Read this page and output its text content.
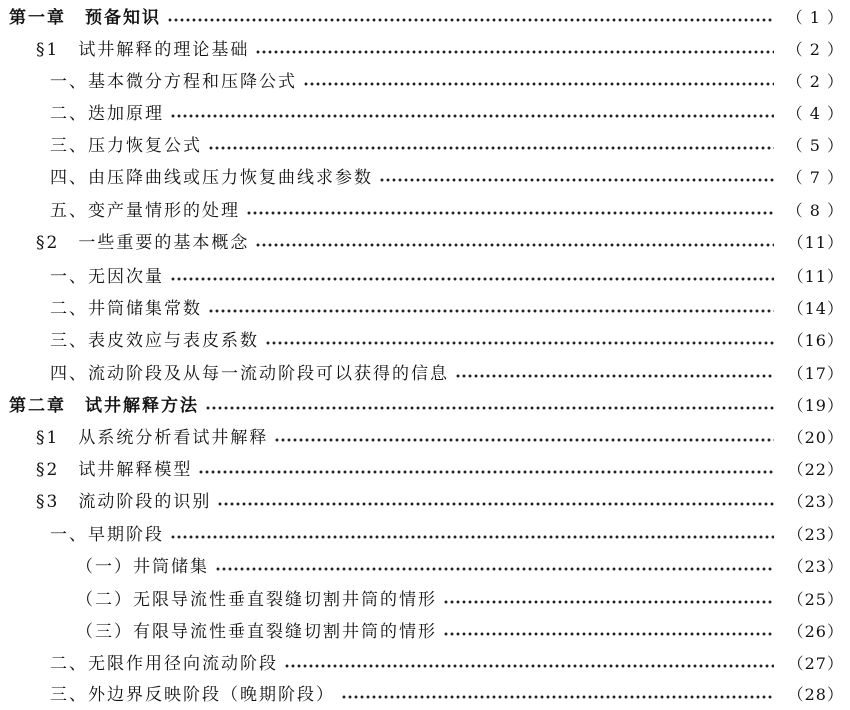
第一章　预备知识	（ 1 ）
§1　试井解释的理论基础	（ 2 ）
一、基本微分方程和压降公式	（ 2 ）
二、迭加原理	（ 4 ）
三、压力恢复公式	（ 5 ）
四、由压降曲线或压力恢复曲线求参数	（ 7 ）
五、变产量情形的处理	（ 8 ）
§2　一些重要的基本概念	（11）
一、无因次量	（11）
二、井筒储集常数	（14）
三、表皮效应与表皮系数	（16）
四、流动阶段及从每一流动阶段可以获得的信息	（17）
第二章　试井解释方法	（19）
§1　从系统分析看试井解释	（20）
§2　试井解释模型	（22）
§3　流动阶段的识别	（23）
一、早期阶段	（23）
（一）井筒储集	（23）
（二）无限导流性垂直裂缝切割井筒的情形	（25）
（三）有限导流性垂直裂缝切割井筒的情形	（26）
二、无限作用径向流动阶段	（27）
三、外边界反映阶段（晚期阶段）	（28）
